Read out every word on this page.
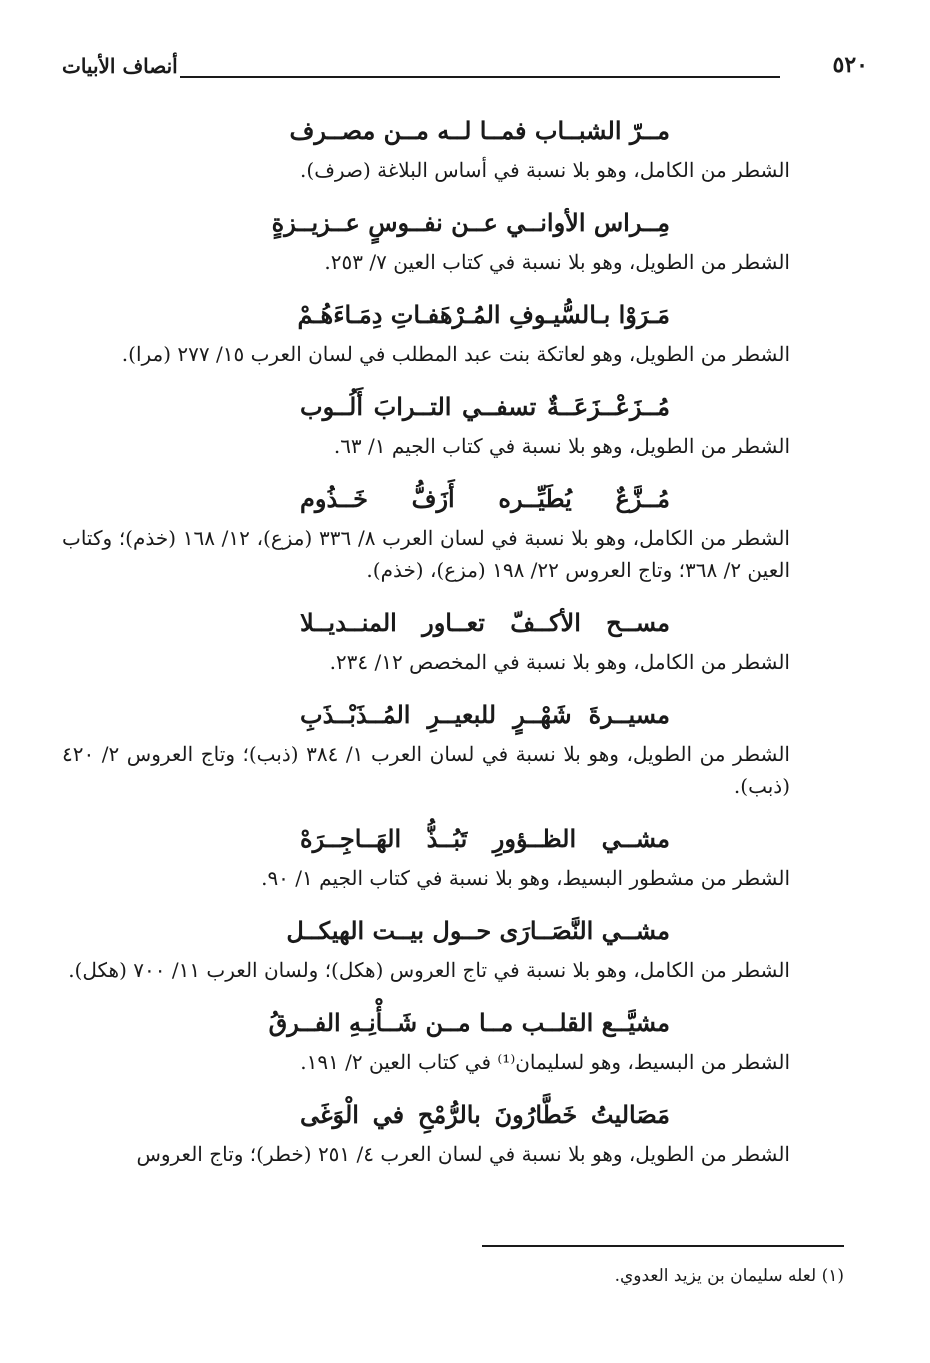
٥٢٠
أنصاف الأبيات
مــرّ الشبــاب فمــا لــه مــن مصــرف
الشطر من الكامل، وهو بلا نسبة في أساس البلاغة (صرف).
مِــراس الأوانــي عــن نفــوسٍ عــزيــزةٍ
الشطر من الطويل، وهو بلا نسبة في كتاب العين ٧/ ٢٥٣.
مَـرَوْا بـالسُّيـوفِ المُـرْهَفـاتِ دِمَـاءَهُـمْ
الشطر من الطويل، وهو لعاتكة بنت عبد المطلب في لسان العرب ١٥/ ٢٧٧ (مرا).
مُــزَعْــزَعَــةٌ تسفــي التــرابَ أَلُــوب
الشطر من الطويل، وهو بلا نسبة في كتاب الجيم ١/ ٦٣.
مُــزَّعٌ يُطَيِّــره أَزَفُّ خَــذُوم
الشطر من الكامل، وهو بلا نسبة في لسان العرب ٨/ ٣٣٦ (مزع)، ١٢/ ١٦٨ (خذم)؛ وكتاب العين ٢/ ٣٦٨؛ وتاج العروس ٢٢/ ١٩٨ (مزع)، (خذم).
مســح الأكــفّ تعــاور المنــديــلا
الشطر من الكامل، وهو بلا نسبة في المخصص ١٢/ ٢٣٤.
مسيــرةَ شَهْــرٍ للبعيــرِ المُــذَبْــذَبِ
الشطر من الطويل، وهو بلا نسبة في لسان العرب ١/ ٣٨٤ (ذبب)؛ وتاج العروس ٢/ ٤٢٠ (ذبب).
مشــي الظــؤورِ تَبُــذُّ الهَــاجِــرَهْ
الشطر من مشطور البسيط، وهو بلا نسبة في كتاب الجيم ١/ ٩٠.
مشــي النَّصَــارَى حــول بيــت الهيكــل
الشطر من الكامل، وهو بلا نسبة في تاج العروس (هكل)؛ ولسان العرب ١١/ ٧٠٠ (هكل).
مشيَّــع القلــب مــا مــن شَــأْنِـهِ الفــرقُ
الشطر من البسيط، وهو لسليمان⁽¹⁾ في كتاب العين ٢/ ١٩١.
مَصَاليتُ خَطَّارُونَ بالرُّمْحِ في الْوَغَى
الشطر من الطويل، وهو بلا نسبة في لسان العرب ٤/ ٢٥١ (خطر)؛ وتاج العروس
(١) لعله سليمان بن يزيد العدوي.
